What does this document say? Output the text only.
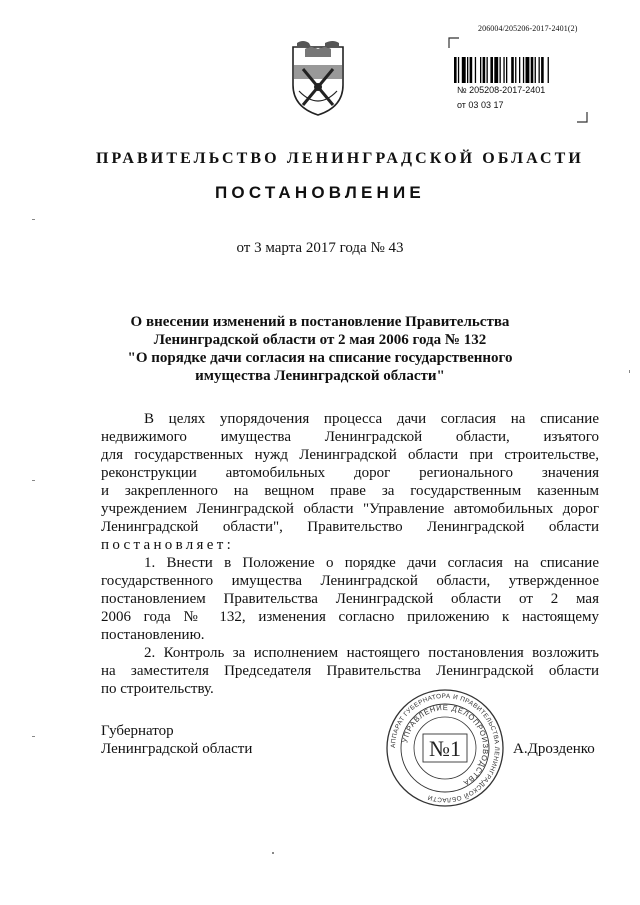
206004/205206-2017-2401(2)
№ 205208-2017-2401
от 03 03 17
ПРАВИТЕЛЬСТВО ЛЕНИНГРАДСКОЙ ОБЛАСТИ
ПОСТАНОВЛЕНИЕ
от 3 марта 2017 года № 43
О внесении изменений в постановление Правительства
Ленинградской области от 2 мая 2006 года № 132
"О порядке дачи согласия на списание государственного
имущества Ленинградской области"
В целях упорядочения процесса дачи согласия на списание
недвижимого имущества Ленинградской области, изъятого
для государственных нужд Ленинградской области при строительстве,
реконструкции автомобильных дорог регионального значения
и закрепленного на вещном праве за государственным казенным
учреждением Ленинградской области "Управление автомобильных дорог
Ленинградской области", Правительство Ленинградской области
постановляет:
1. Внести в Положение о порядке дачи согласия на списание
государственного имущества Ленинградской области, утвержденное
постановлением Правительства Ленинградской области от 2 мая
2006 года № 132, изменения согласно приложению к настоящему
постановлению.
2. Контроль за исполнением настоящего постановления возложить
на заместителя Председателя Правительства Ленинградской области
по строительству.
Губернатор
Ленинградской области	А.Дрозденко
АППАРАТ ГУБЕРНАТОРА И ПРАВИТЕЛЬСТВА ЛЕНИНГРАДСКОЙ ОБЛАСТИ
УПРАВЛЕНИЕ ДЕЛОПРОИЗВОДСТВА
№1
